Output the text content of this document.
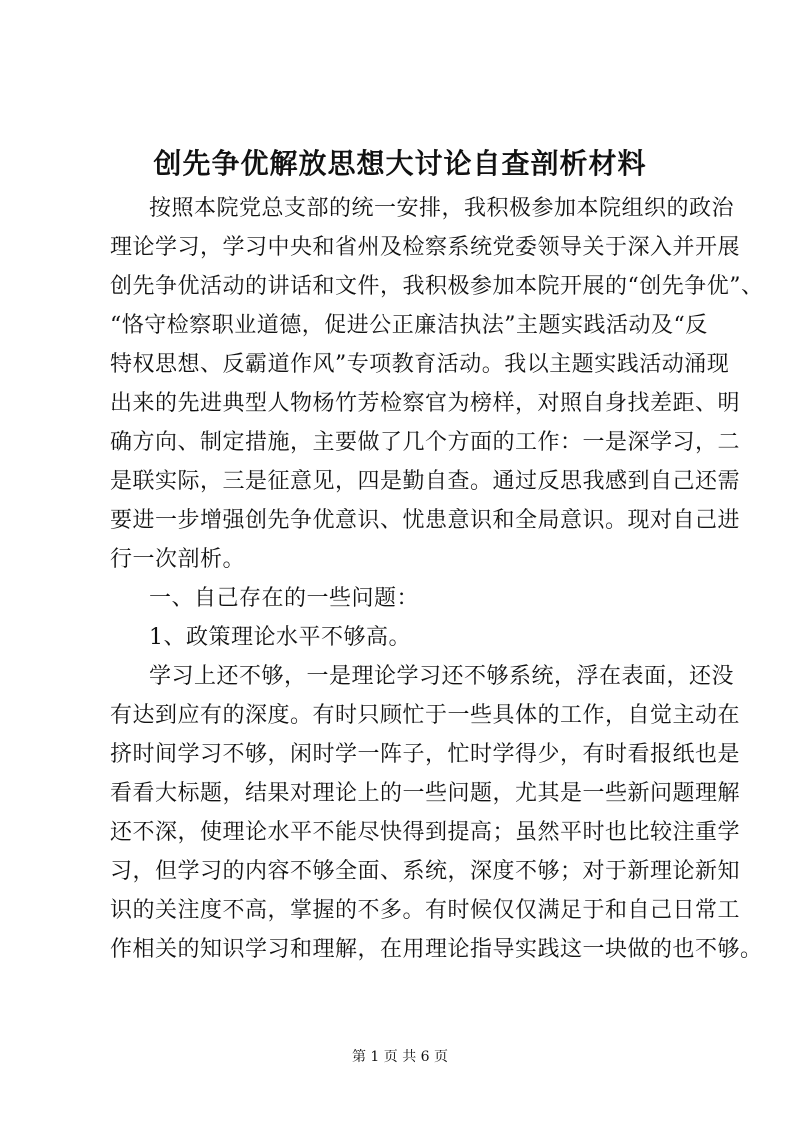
创先争优解放思想大讨论自查剖析材料
按照本院党总支部的统一安排，我积极参加本院组织的政治
理论学习，学习中央和省州及检察系统党委领导关于深入并开展
创先争优活动的讲话和文件，我积极参加本院开展的“创先争优”、
“恪守检察职业道德，促进公正廉洁执法”主题实践活动及“反
特权思想、反霸道作风”专项教育活动。我以主题实践活动涌现
出来的先进典型人物杨竹芳检察官为榜样，对照自身找差距、明
确方向、制定措施，主要做了几个方面的工作：一是深学习，二
是联实际，三是征意见，四是勤自查。通过反思我感到自己还需
要进一步增强创先争优意识、忧患意识和全局意识。现对自己进
行一次剖析。
一、自己存在的一些问题：
1、政策理论水平不够高。
学习上还不够，一是理论学习还不够系统，浮在表面，还没
有达到应有的深度。有时只顾忙于一些具体的工作，自觉主动在
挤时间学习不够，闲时学一阵子，忙时学得少，有时看报纸也是
看看大标题，结果对理论上的一些问题，尤其是一些新问题理解
还不深，使理论水平不能尽快得到提高；虽然平时也比较注重学
习，但学习的内容不够全面、系统，深度不够；对于新理论新知
识的关注度不高，掌握的不多。有时候仅仅满足于和自己日常工
作相关的知识学习和理解，在用理论指导实践这一块做的也不够。
第 1 页 共 6 页
